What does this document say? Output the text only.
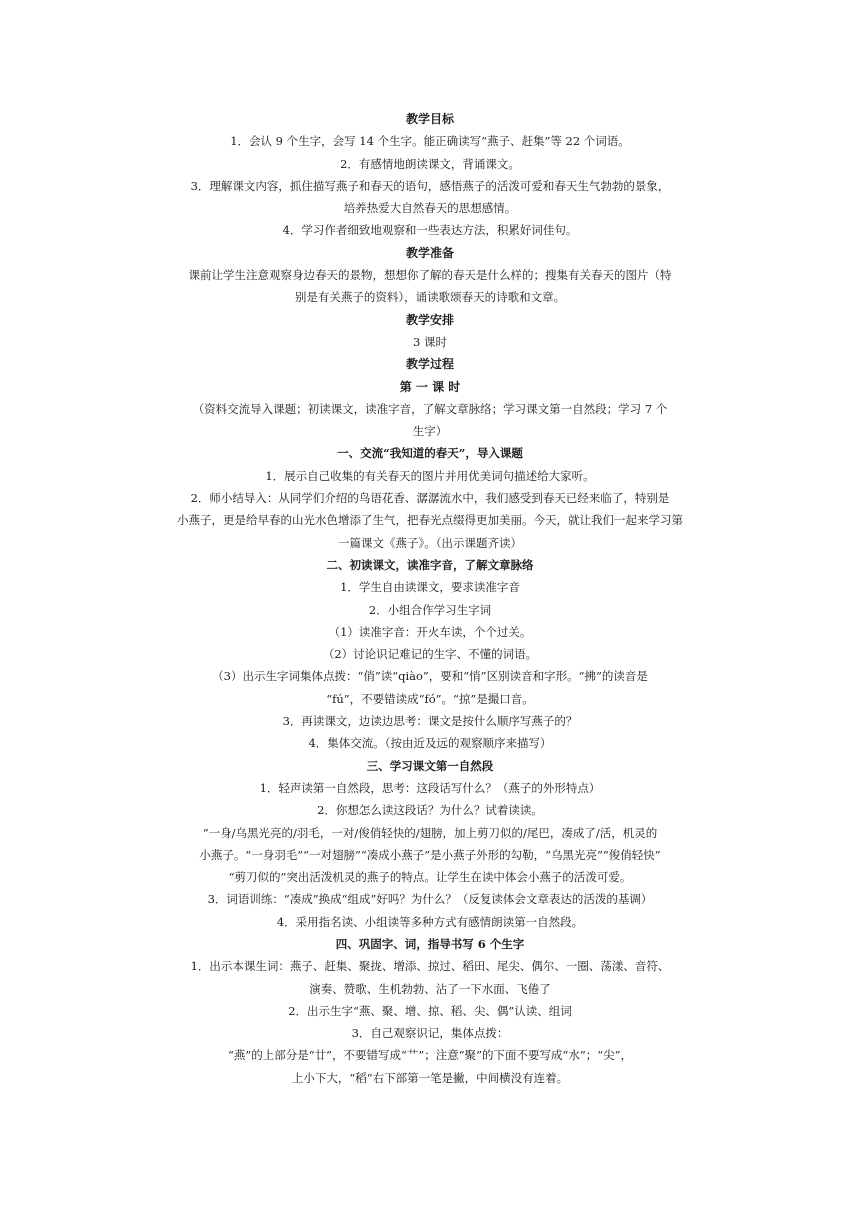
教学目标
1．会认 9 个生字，会写 14 个生字。能正确读写“燕子、赶集”等 22 个词语。
2．有感情地朗读课文，背诵课文。
3．理解课文内容，抓住描写燕子和春天的语句，感悟燕子的活泼可爱和春天生气勃勃的景象，
培养热爱大自然春天的思想感情。
4．学习作者细致地观察和一些表达方法，积累好词佳句。
教学准备
课前让学生注意观察身边春天的景物，想想你了解的春天是什么样的；搜集有关春天的图片（特
别是有关燕子的资料），诵读歌颂春天的诗歌和文章。
教学安排
3 课时
教学过程
第 一 课 时
（资料交流导入课题；初读课文，读准字音，了解文章脉络；学习课文第一自然段；学习 7 个
生字）
一、交流“我知道的春天”，导入课题
1．展示自己收集的有关春天的图片并用优美词句描述给大家听。
2．师小结导入：从同学们介绍的鸟语花香、潺潺流水中，我们感受到春天已经来临了，特别是
小燕子，更是给早春的山光水色增添了生气，把春光点缀得更加美丽。今天，就让我们一起来学习第
一篇课文《燕子》。（出示课题齐读）
二、初读课文，读准字音，了解文章脉络
1．学生自由读课文，要求读准字音
2．小组合作学习生字词
（1）读准字音：开火车读，个个过关。
（2）讨论识记难记的生字、不懂的词语。
（3）出示生字词集体点拨：“俏”读“qiào”，要和“悄”区别读音和字形。“拂”的读音是
“fú”，不要错读成“fó”。“掠”是撮口音。
3．再读课文，边读边思考：课文是按什么顺序写燕子的？
4．集体交流。（按由近及远的观察顺序来描写）
三、学习课文第一自然段
1．轻声读第一自然段，思考：这段话写什么？（燕子的外形特点）
2．你想怎么读这段话？为什么？试着读读。
“一身/乌黑光亮的/羽毛，一对/俊俏轻快的/翅膀，加上剪刀似的/尾巴，凑成了/活，机灵的
小燕子。“一身羽毛”“一对翅膀”“凑成小燕子”是小燕子外形的勾勒，“乌黑光亮”“俊俏轻快”
“剪刀似的”突出活泼机灵的燕子的特点。让学生在读中体会小燕子的活泼可爱。
3．词语训练：“凑成”换成“组成”好吗？为什么？（反复读体会文章表达的活泼的基调）
4．采用指名读、小组读等多种方式有感情朗读第一自然段。
四、巩固字、词，指导书写 6 个生字
1．出示本课生词：燕子、赶集、聚拢、增添、掠过、稻田、尾尖、偶尔、一圈、荡漾、音符、
演奏、赞歌、生机勃勃、沾了一下水面、飞倦了
2．出示生字“燕、聚、增、掠、稻、尖、偶”认读、组词
3．自己观察识记，集体点拨：
“燕”的上部分是“廿”，不要错写成“艹”；注意“聚”的下面不要写成“水”；“尖”，
上小下大，“稻“右下部第一笔是撇，中间横没有连着。
